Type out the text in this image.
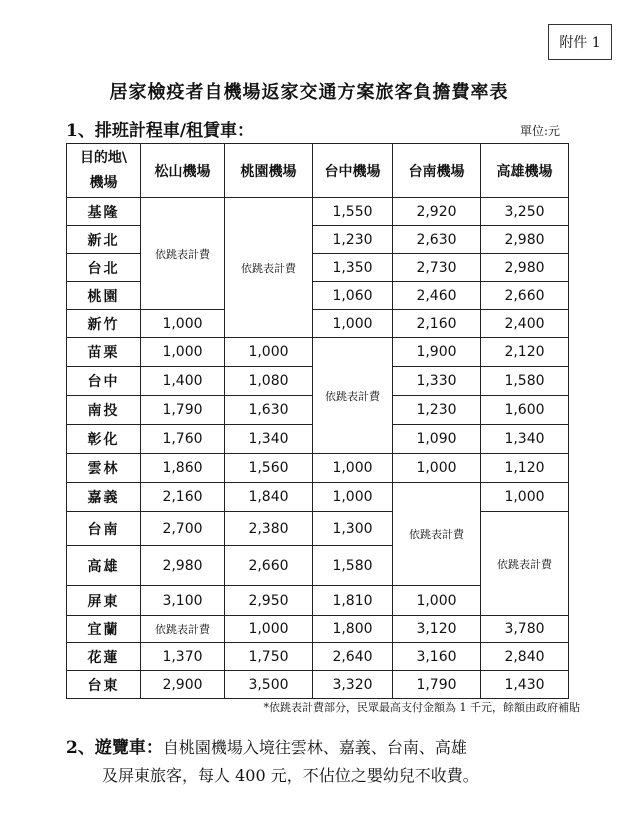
附件 1
居家檢疫者自機場返家交通方案旅客負擔費率表
1、排班計程車/租賃車：	單位:元
目的地\
機場	松山機場	桃園機場	台中機場	台南機場	高雄機場
基隆	依跳表計費	依跳表計費	1,550	2,920	3,250
新北			1,230	2,630	2,980
台北			1,350	2,730	2,980
桃園			1,060	2,460	2,660
新竹	1,000		1,000	2,160	2,400
苗栗	1,000	1,000	依跳表計費	1,900	2,120
台中	1,400	1,080		1,330	1,580
南投	1,790	1,630		1,230	1,600
彰化	1,760	1,340		1,090	1,340
雲林	1,860	1,560	1,000	1,000	1,120
嘉義	2,160	1,840	1,000	依跳表計費	1,000
台南	2,700	2,380	1,300		依跳表計費
高雄	2,980	2,660	1,580		
屏東	3,100	2,950	1,810	1,000	
宜蘭	依跳表計費	1,000	1,800	3,120	3,780
花蓮	1,370	1,750	2,640	3,160	2,840
台東	2,900	3,500	3,320	1,790	1,430
*依跳表計費部分，民眾最高支付金額為 1 千元，餘額由政府補貼
2、遊覽車：自桃園機場入境往雲林、嘉義、台南、高雄
及屏東旅客，每人 400 元，不佔位之嬰幼兒不收費。
